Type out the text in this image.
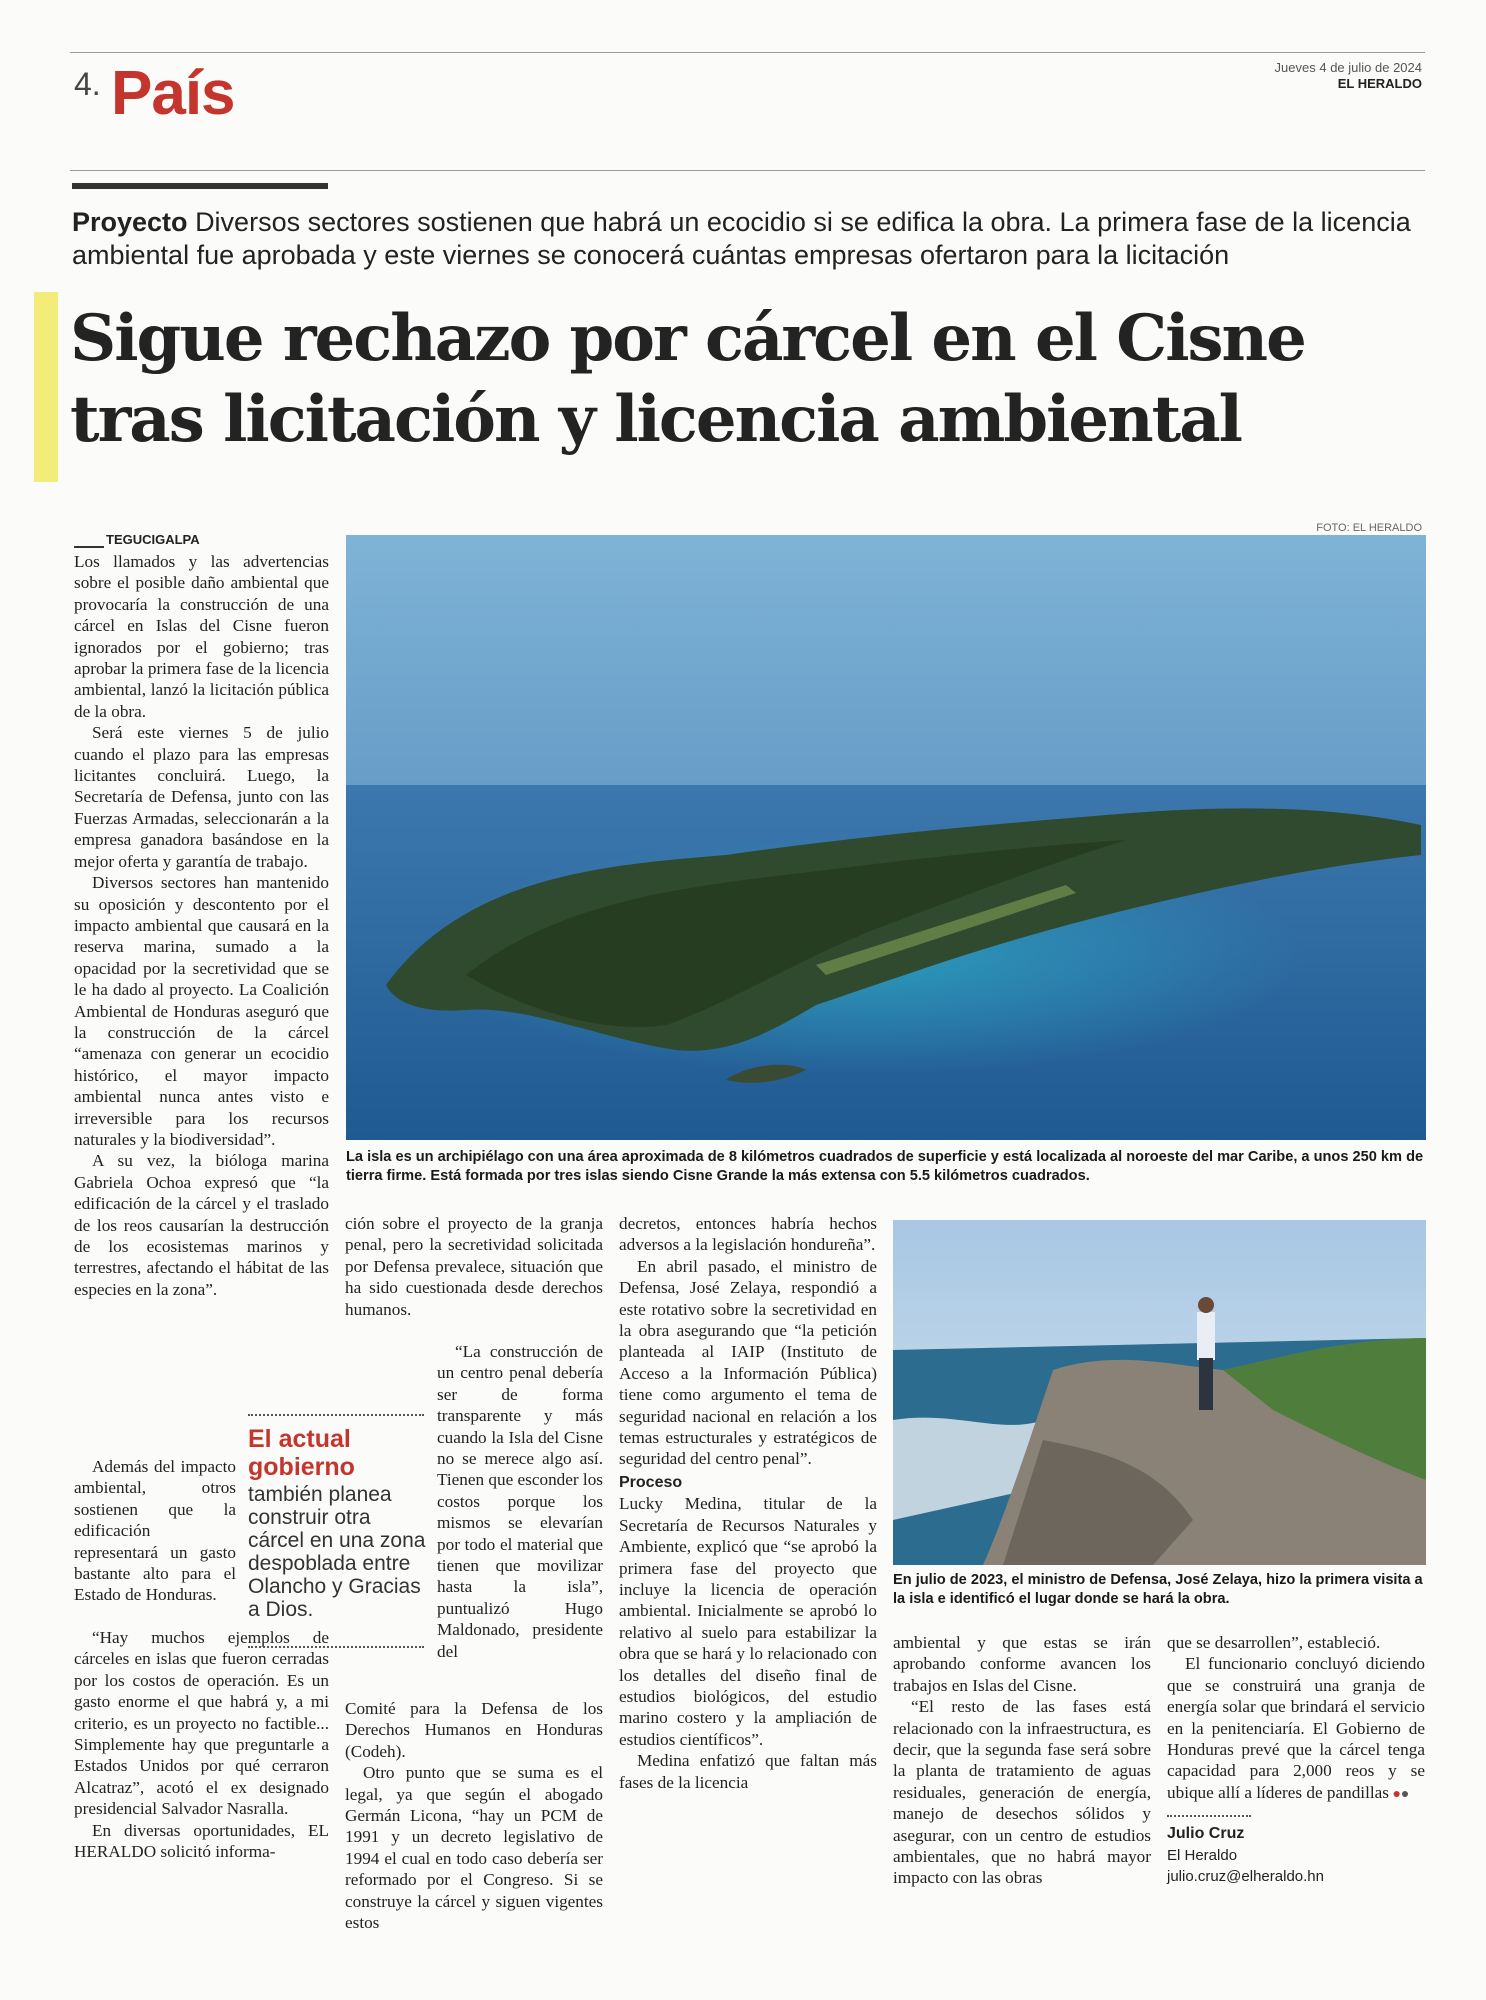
4. País	Jueves 4 de julio de 2024
EL HERALDO
Proyecto Diversos sectores sostienen que habrá un ecocidio si se edifica la obra. La primera fase de la licencia ambiental fue aprobada y este viernes se conocerá cuántas empresas ofertaron para la licitación
Sigue rechazo por cárcel en el Cisne
tras licitación y licencia ambiental
TEGUCIGALPA
FOTO: EL HERALDO
La isla es un archipiélago con una área aproximada de 8 kilómetros cuadrados de superficie y está localizada al noroeste del mar Caribe, a unos 250 km de tierra firme. Está formada por tres islas siendo Cisne Grande la más extensa con 5.5 kilómetros cuadrados.
En julio de 2023, el ministro de Defensa, José Zelaya, hizo la primera visita a la isla e identificó el lugar donde se hará la obra.

Los llamados y las advertencias sobre el posible daño ambiental que provocaría la construcción de una cárcel en Islas del Cisne fueron ignorados por el gobierno; tras aprobar la primera fase de la licencia ambiental, lanzó la licitación pública de la obra.

Será este viernes 5 de julio cuando el plazo para las empresas licitantes concluirá. Luego, la Secretaría de Defensa, junto con las Fuerzas Armadas, seleccionarán a la empresa ganadora basándose en la mejor oferta y garantía de trabajo.

Diversos sectores han mantenido su oposición y descontento por el impacto ambiental que causará en la reserva marina, sumado a la opacidad por la secretividad que se le ha dado al proyecto. La Coalición Ambiental de Honduras aseguró que la construcción de la cárcel “amenaza con generar un ecocidio histórico, el mayor impacto ambiental nunca antes visto e irreversible para los recursos naturales y la biodiversidad”.

A su vez, la bióloga marina Gabriela Ochoa expresó que “la edificación de la cárcel y el traslado de los reos causarían la destrucción de los ecosistemas marinos y terrestres, afectando el hábitat de las especies en la zona”.

Además del impacto ambiental, otros sostienen que la edificación representará un gasto bastante alto para el Estado de Honduras.

“Hay muchos ejemplos de cárceles en islas que fueron cerradas por los costos de operación. Es un gasto enorme el que habrá y, a mi criterio, es un proyecto no factible... Simplemente hay que preguntarle a Estados Unidos por qué cerraron Alcatraz”, acotó el ex designado presidencial Salvador Nasralla.

En diversas oportunidades, EL HERALDO solicitó informa-

El actual
gobierno
también planea
construir otra
cárcel en una zona
despoblada entre
Olancho y Gracias
a Dios.

ción sobre el proyecto de la granja penal, pero la secretividad solicitada por Defensa prevalece, situación que ha sido cuestionada desde derechos humanos.

“La construcción de un centro penal debería ser de forma transparente y más cuando la Isla del Cisne no se merece algo así. Tienen que esconder los costos porque los mismos se elevarían por todo el material que tienen que movilizar hasta la isla”, puntualizó Hugo Maldonado, presidente del

Comité para la Defensa de los Derechos Humanos en Honduras (Codeh).

Otro punto que se suma es el legal, ya que según el abogado Germán Licona, “hay un PCM de 1991 y un decreto legislativo de 1994 el cual en todo caso debería ser reformado por el Congreso. Si se construye la cárcel y siguen vigentes estos

decretos, entonces habría hechos adversos a la legislación hondureña”.

En abril pasado, el ministro de Defensa, José Zelaya, respondió a este rotativo sobre la secretividad en la obra asegurando que “la petición planteada al IAIP (Instituto de Acceso a la Información Pública) tiene como argumento el tema de seguridad nacional en relación a los temas estructurales y estratégicos de seguridad del centro penal”.

Proceso

Lucky Medina, titular de la Secretaría de Recursos Naturales y Ambiente, explicó que “se aprobó la primera fase del proyecto que incluye la licencia de operación ambiental. Inicialmente se aprobó lo relativo al suelo para estabilizar la obra que se hará y lo relacionado con los detalles del diseño final de estudios biológicos, del estudio marino costero y la ampliación de estudios científicos”.

Medina enfatizó que faltan más fases de la licencia

ambiental y que estas se irán aprobando conforme avancen los trabajos en Islas del Cisne.

“El resto de las fases está relacionado con la infraestructura, es decir, que la segunda fase será sobre la planta de tratamiento de aguas residuales, generación de energía, manejo de desechos sólidos y asegurar, con un centro de estudios ambientales, que no habrá mayor impacto con las obras

que se desarrollen”, estableció.

El funcionario concluyó diciendo que se construirá una granja de energía solar que brindará el servicio en la penitenciaría. El Gobierno de Honduras prevé que la cárcel tenga capacidad para 2,000 reos y se ubique allí a líderes de pandillas ●●

Julio Cruz
El Heraldo
julio.cruz@elheraldo.hn
